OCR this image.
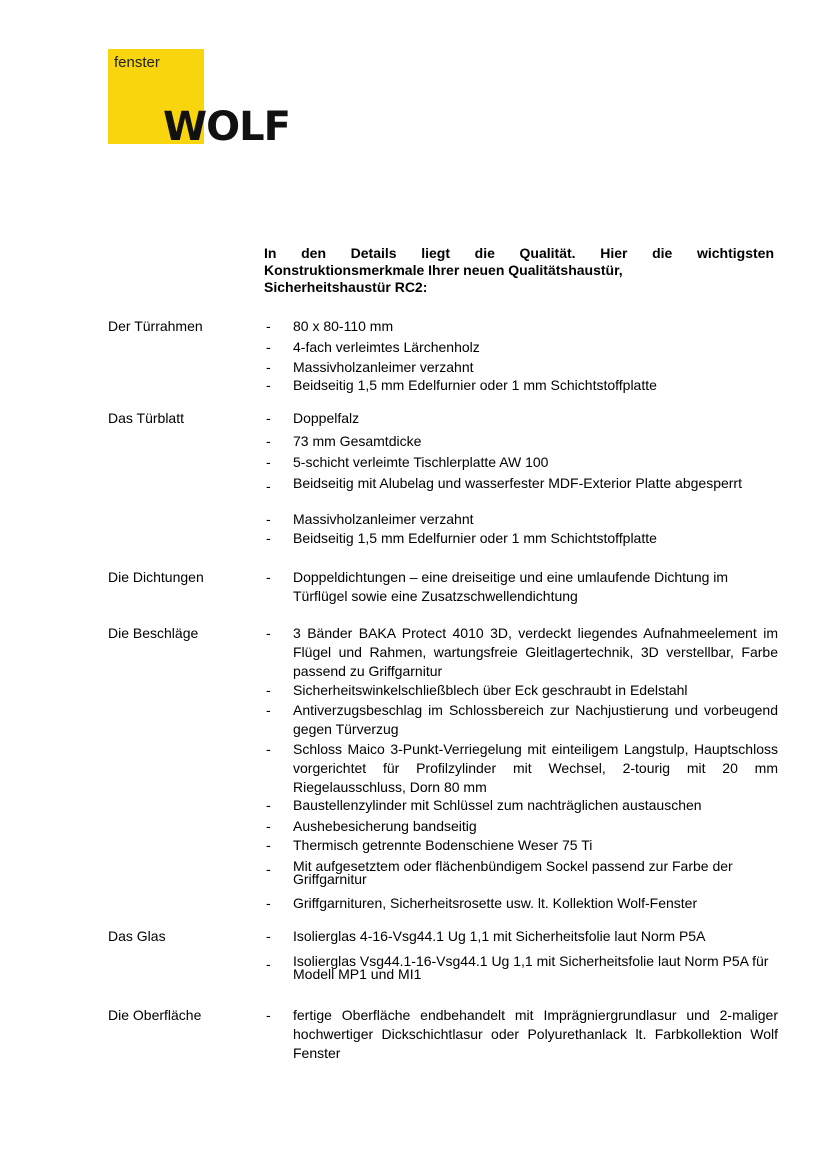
fenster
WOLF
In den Details liegt die Qualität. Hier die wichtigsten
Konstruktionsmerkmale Ihrer neuen Qualitätshaustür,
Sicherheitshaustür RC2:
Der Türrahmen	-	80 x 80-110 mm
-	4-fach verleimtes Lärchenholz
-	Massivholzanleimer verzahnt
-	Beidseitig 1,5 mm Edelfurnier oder 1 mm Schichtstoffplatte
Das Türblatt	-	Doppelfalz
-	73 mm Gesamtdicke
-	5-schicht verleimte Tischlerplatte AW 100
-	Beidseitig mit Alubelag und wasserfester MDF-Exterior Platte abgesperrt
-	Massivholzanleimer verzahnt
-	Beidseitig 1,5 mm Edelfurnier oder 1 mm Schichtstoffplatte
Die Dichtungen	-	Doppeldichtungen – eine dreiseitige und eine umlaufende Dichtung im Türflügel sowie eine Zusatzschwellendichtung
Die Beschläge	-	3 Bänder BAKA Protect 4010 3D, verdeckt liegendes Aufnahmeelement im Flügel und Rahmen, wartungsfreie Gleitlagertechnik, 3D verstellbar, Farbe passend zu Griffgarnitur
-	Sicherheitswinkelschließblech über Eck geschraubt in Edelstahl
-	Antiverzugsbeschlag im Schlossbereich zur Nachjustierung und vorbeugend gegen Türverzug
-	Schloss Maico 3-Punkt-Verriegelung mit einteiligem Langstulp, Hauptschloss vorgerichtet für Profilzylinder mit Wechsel, 2-tourig mit 20 mm Riegelausschluss, Dorn 80 mm
-	Baustellenzylinder mit Schlüssel zum nachträglichen austauschen
-	Aushebesicherung bandseitig
-	Thermisch getrennte Bodenschiene Weser 75 Ti
-	Mit aufgesetztem oder flächenbündigem Sockel passend zur Farbe der Griffgarnitur
-	Griffgarnituren, Sicherheitsrosette usw. lt. Kollektion Wolf-Fenster
Das Glas	-	Isolierglas 4-16-Vsg44.1 Ug 1,1 mit Sicherheitsfolie laut Norm P5A
-	Isolierglas Vsg44.1-16-Vsg44.1 Ug 1,1 mit Sicherheitsfolie laut Norm P5A für Modell MP1 und MI1
Die Oberfläche	-	fertige Oberfläche endbehandelt mit Imprägniergrundlasur und 2-maliger hochwertiger Dickschichtlasur oder Polyurethanlack lt. Farbkollektion Wolf Fenster
